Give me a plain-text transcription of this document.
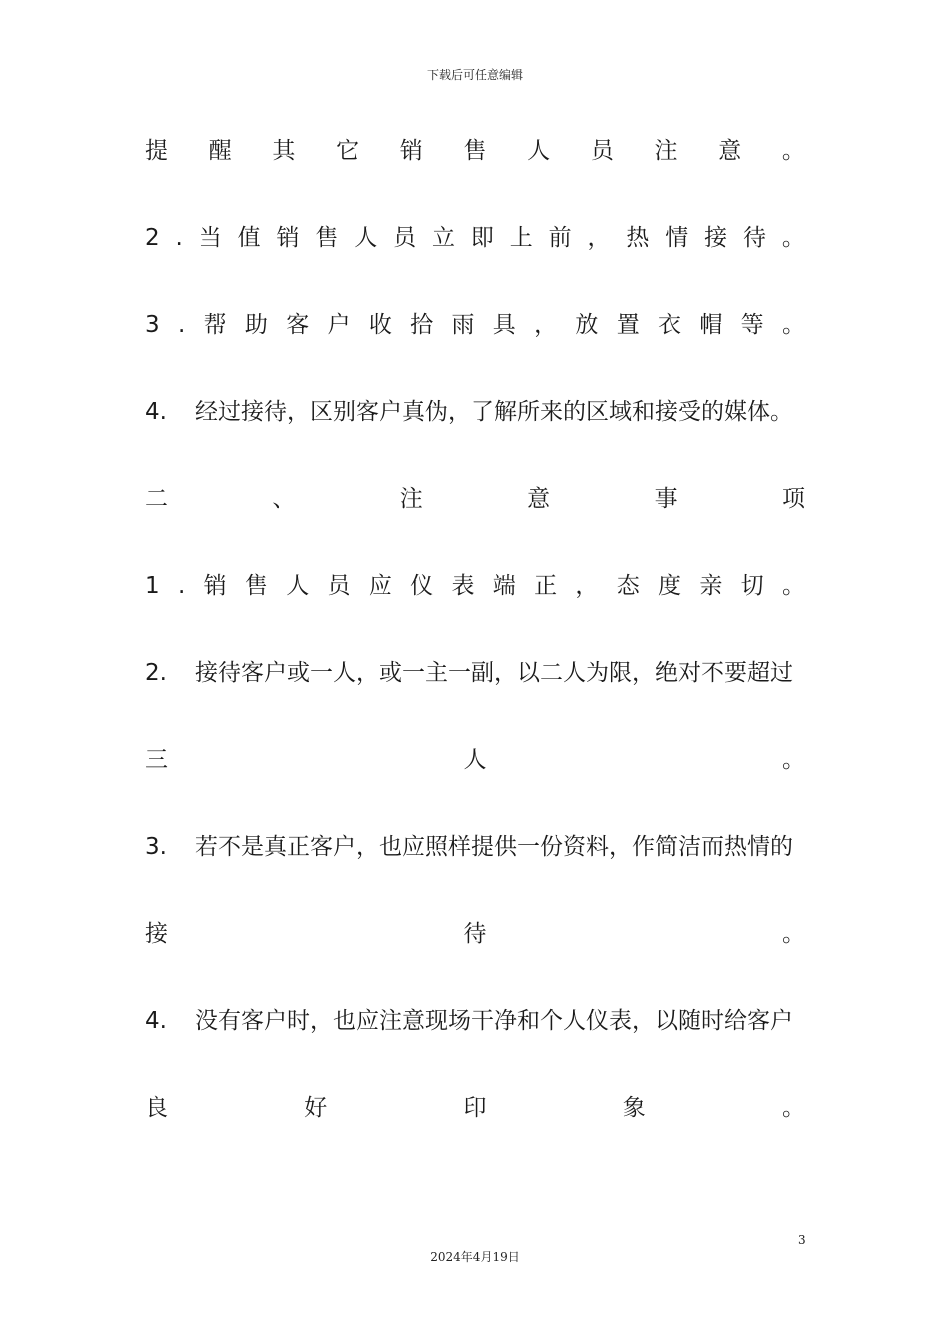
下载后可任意编辑
提 醒 其 它 销 售 人 员 注 意 。
2 . 当 值 销 售 人 员 立 即 上 前 ， 热 情 接 待 。
3 . 帮 助 客 户 收 拾 雨 具 ， 放 置 衣 帽 等 。
4. 经过接待，区别客户真伪，了解所来的区域和接受的媒体。
二	、	注	意	事	项
1 . 销 售 人 员 应 仪 表 端 正 ， 态 度 亲 切 。
2. 接待客户或一人，或一主一副，以二人为限，绝对不要超过
三	人	。
3. 若不是真正客户，也应照样提供一份资料，作简洁而热情的
接	待	。
4. 没有客户时，也应注意现场干净和个人仪表，以随时给客户
良	好	印	象	。
3
2024年4月19日
